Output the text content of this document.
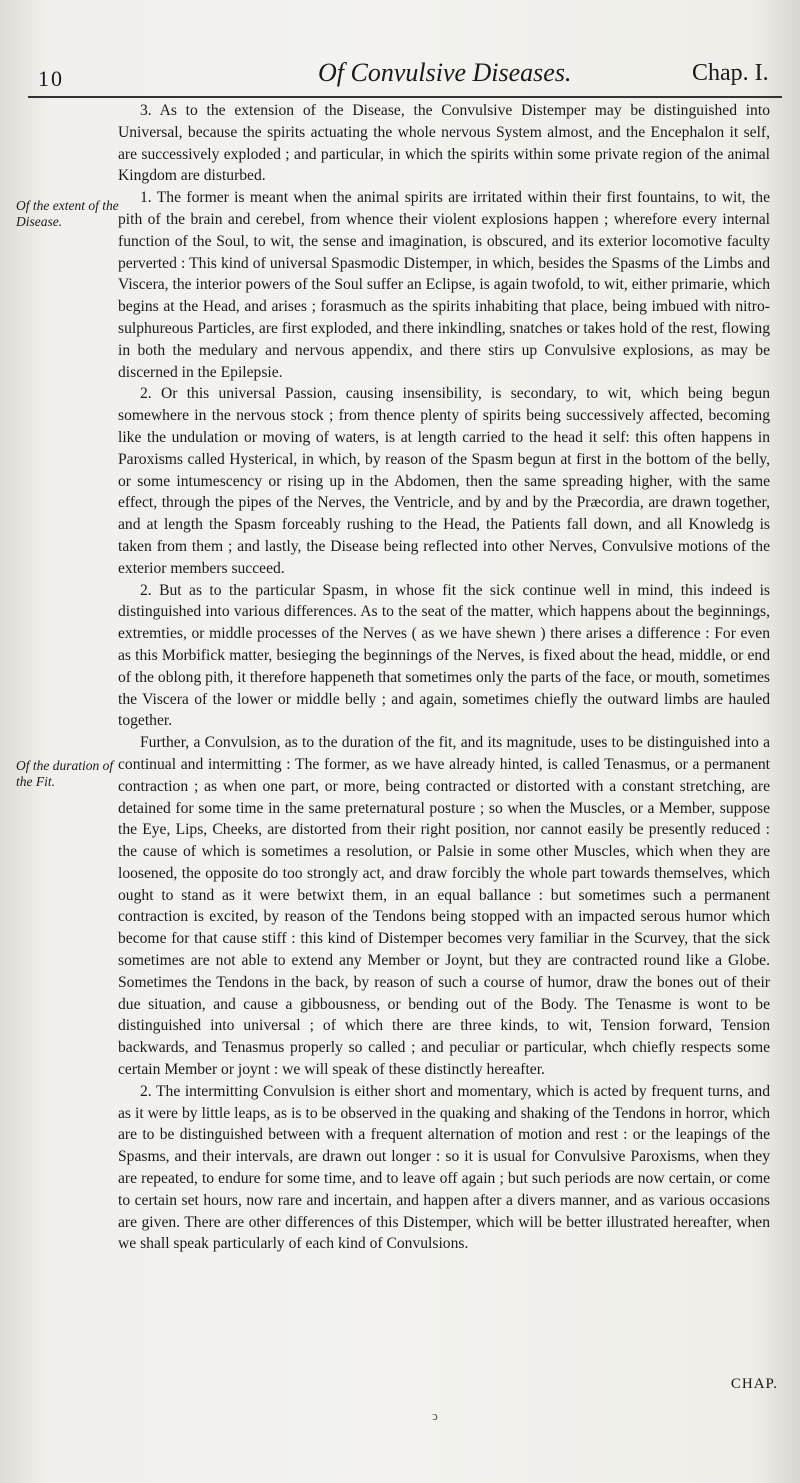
10	Of Convulsive Diseases.	Chap. I.
Of the extent of the Disease.
Of the duration of the Fit.

3. As to the extension of the Disease, the Convulsive Distemper may be distinguished into Universal, because the spirits actuating the whole nervous System almost, and the Encephalon it self, are successively exploded ; and particular, in which the spirits within some private region of the animal Kingdom are disturbed.

1. The former is meant when the animal spirits are irritated within their first fountains, to wit, the pith of the brain and cerebel, from whence their violent explosions happen ; wherefore every internal function of the Soul, to wit, the sense and imagination, is obscured, and its exterior locomotive faculty perverted : This kind of universal Spasmodic Distemper, in which, besides the Spasms of the Limbs and Viscera, the interior powers of the Soul suffer an Eclipse, is again twofold, to wit, either primarie, which begins at the Head, and arises ; forasmuch as the spirits inhabiting that place, being imbued with nitro-sulphureous Particles, are first exploded, and there inkindling, snatches or takes hold of the rest, flowing in both the medulary and nervous appendix, and there stirs up Convulsive explosions, as may be discerned in the Epilepsie.

2. Or this universal Passion, causing insensibility, is secondary, to wit, which being begun somewhere in the nervous stock ; from thence plenty of spirits being successively affected, becoming like the undulation or moving of waters, is at length carried to the head it self: this often happens in Paroxisms called Hysterical, in which, by reason of the Spasm begun at first in the bottom of the belly, or some intumescency or rising up in the Abdomen, then the same spreading higher, with the same effect, through the pipes of the Nerves, the Ventricle, and by and by the Præcordia, are drawn together, and at length the Spasm forceably rushing to the Head, the Patients fall down, and all Knowledg is taken from them ; and lastly, the Disease being reflected into other Nerves, Convulsive motions of the exterior members succeed.

2. But as to the particular Spasm, in whose fit the sick continue well in mind, this indeed is distinguished into various differences. As to the seat of the matter, which happens about the beginnings, extremties, or middle processes of the Nerves ( as we have shewn ) there arises a difference : For even as this Morbifick matter, besieging the beginnings of the Nerves, is fixed about the head, middle, or end of the oblong pith, it therefore happeneth that sometimes only the parts of the face, or mouth, sometimes the Viscera of the lower or middle belly ; and again, sometimes chiefly the outward limbs are hauled together.

Further, a Convulsion, as to the duration of the fit, and its magnitude, uses to be distinguished into a continual and intermitting : The former, as we have already hinted, is called Tenasmus, or a permanent contraction ; as when one part, or more, being contracted or distorted with a constant stretching, are detained for some time in the same preternatural posture ; so when the Muscles, or a Member, suppose the Eye, Lips, Cheeks, are distorted from their right position, nor cannot easily be presently reduced : the cause of which is sometimes a resolution, or Palsie in some other Muscles, which when they are loosened, the opposite do too strongly act, and draw forcibly the whole part towards themselves, which ought to stand as it were betwixt them, in an equal ballance : but sometimes such a permanent contraction is excited, by reason of the Tendons being stopped with an impacted serous humor which become for that cause stiff : this kind of Distemper becomes very familiar in the Scurvey, that the sick sometimes are not able to extend any Member or Joynt, but they are contracted round like a Globe. Sometimes the Tendons in the back, by reason of such a course of humor, draw the bones out of their due situation, and cause a gibbousness, or bending out of the Body. The Tenasme is wont to be distinguished into universal ; of which there are three kinds, to wit, Tension forward, Tension backwards, and Tenasmus properly so called ; and peculiar or particular, whch chiefly respects some certain Member or joynt : we will speak of these distinctly hereafter.

2. The intermitting Convulsion is either short and momentary, which is acted by frequent turns, and as it were by little leaps, as is to be observed in the quaking and shaking of the Tendons in horror, which are to be distinguished between with a frequent alternation of motion and rest : or the leapings of the Spasms, and their intervals, are drawn out longer : so it is usual for Convulsive Paroxisms, when they are repeated, to endure for some time, and to leave off again ; but such periods are now certain, or come to certain set hours, now rare and incertain, and happen after a divers manner, and as various occasions are given. There are other differences of this Distemper, which will be better illustrated hereafter, when we shall speak particularly of each kind of Convulsions.

CHAP.
ↄ
